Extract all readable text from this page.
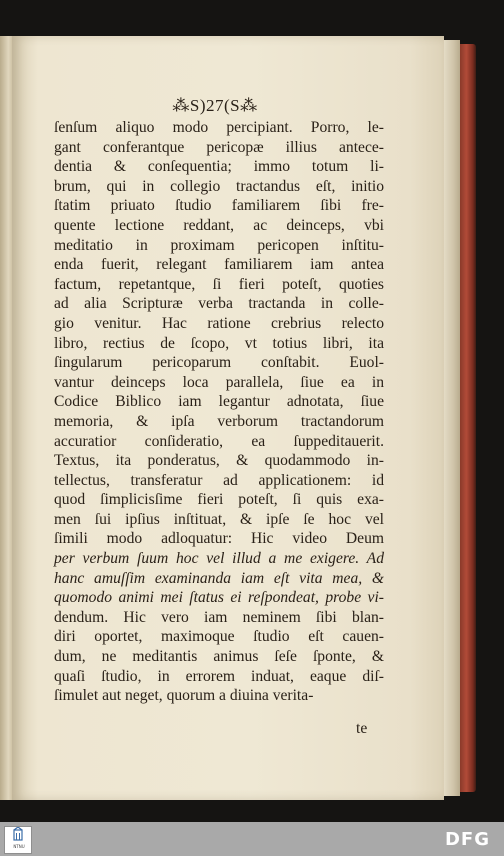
⁂S)27(S⁂
ſenſum aliquo modo percipiant. Porro, le-
gant conferantque pericopæ illius antece-
dentia & conſequentia; immo totum li-
brum, qui in collegio tractandus eſt, initio
ſtatim priuato ſtudio familiarem ſibi fre-
quente lectione reddant, ac deinceps, vbi
meditatio in proximam pericopen inſtitu-
enda fuerit, relegant familiarem iam antea
factum, repetantque, ſi fieri poteſt, quoties
ad alia Scripturæ verba tractanda in colle-
gio venitur. Hac ratione crebrius relecto
libro, rectius de ſcopo, vt totius libri, ita
ſingularum pericoparum conſtabit. Euol-
vantur deinceps loca parallela, ſiue ea in
Codice Biblico iam legantur adnotata, ſiue
memoria, & ipſa verborum tractandorum
accuratior conſideratio, ea ſuppeditauerit.
Textus, ita ponderatus, & quodammodo in-
tellectus, transferatur ad applicationem: id
quod ſimplicisſime fieri poteſt, ſi quis exa-
men ſui ipſius inſtituat, & ipſe ſe hoc vel
ſimili modo adloquatur: Hic video Deum
per verbum ſuum hoc vel illud a me exigere. Ad
hanc amuſſim examinanda iam eſt vita mea, &
quomodo animi mei ſtatus ei reſpondeat, probe vi-
dendum. Hic vero iam neminem ſibi blan-
diri oportet, maximoque ſtudio eſt cauen-
dum, ne meditantis animus ſeſe ſponte, &
quaſi ſtudio, in errorem induat, eaque diſ-
ſimulet aut neget, quorum a diuina verita-
te
NTNU	DFG
